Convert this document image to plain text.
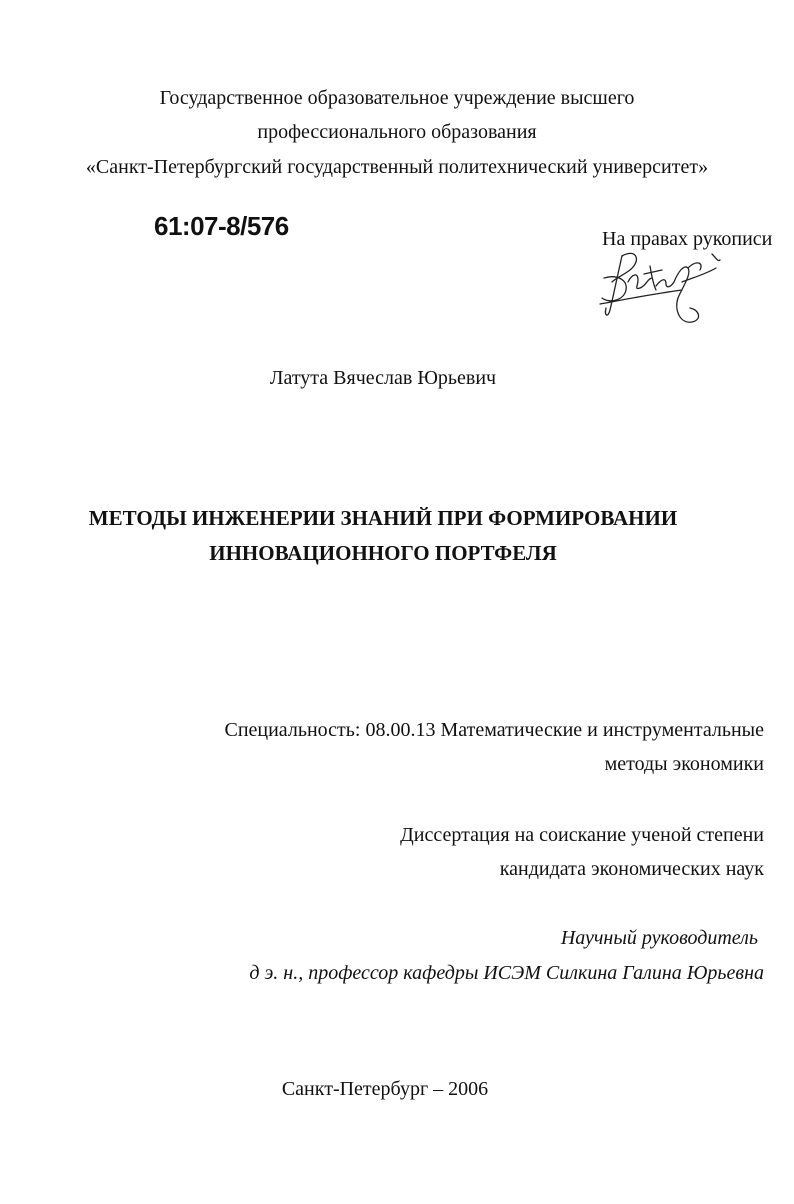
Государственное образовательное учреждение высшего
профессионального образования
«Санкт-Петербургский государственный политехнический университет»
61:07-8/576	На правах рукописи
Латута Вячеслав Юрьевич
МЕТОДЫ ИНЖЕНЕРИИ ЗНАНИЙ ПРИ ФОРМИРОВАНИИ
ИННОВАЦИОННОГО ПОРТФЕЛЯ
Специальность: 08.00.13 Математические и инструментальные
методы экономики
Диссертация на соискание ученой степени
кандидата экономических наук
Научный руководитель
д э. н., профессор кафедры ИСЭМ Силкина Галина Юрьевна
Санкт-Петербург – 2006
